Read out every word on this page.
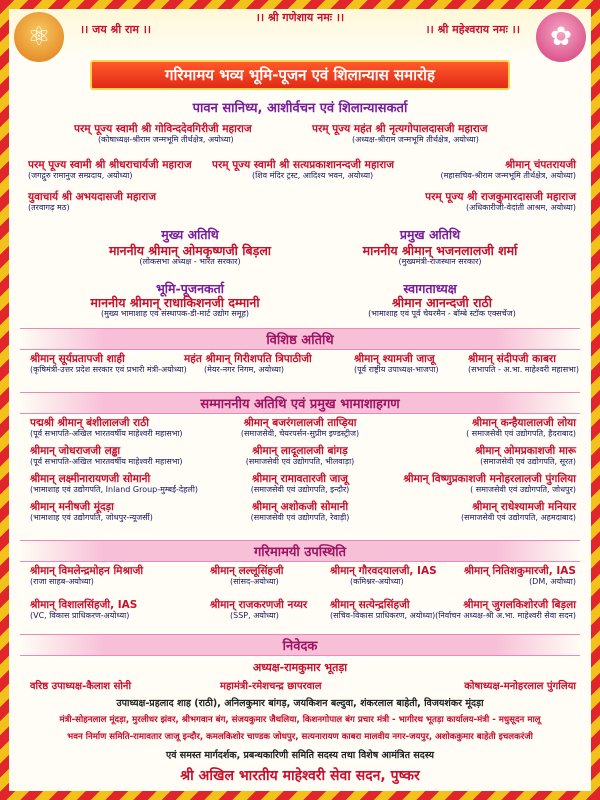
⚛	✿
।। जय श्री राम ।।
।। श्री गणेशाय नमः ।।
।। श्री महेश्वराय नमः ।।
गरिमामय भव्य भूमि-पूजन एवं शिलान्यास समारोह
पावन सानिध्य, आशीर्वचन एवं शिलान्यासकर्ता
परम् पूज्य स्वामी श्री गोविन्ददेवगिरीजी महाराज
(कोषाध्यक्ष-श्रीराम जन्मभूमि तीर्थक्षेत्र, अयोध्या)
परम् पूज्य महंत श्री नृत्यगोपालदासजी महाराज
(अध्यक्ष-श्रीराम जन्मभूमि तीर्थक्षेत्र, अयोध्या)
परम् पूज्य स्वामी श्री श्रीधराचार्यजी महाराज
(जगद्गुरु रामानुज सम्प्रदाय, अयोध्या)
परम् पूज्य स्वामी श्री सत्यप्रकाशानन्दजी महाराज
(शिव मंदिर ट्रस्ट, आदिश्य भवन, अयोध्या)
श्रीमान् चंपतरायजी
(महासचिव-श्रीराम जन्मभूमि तीर्थक्षेत्र, अयोध्या)
युवाचार्य श्री अभयदासजी महाराज
(तरवागढ़ मठ)
परम् पूज्य श्री राजकुमारदासजी महाराज
(अधिकारीजी-वेदांती आश्रम, अयोध्या)
मुख्य अतिथि	प्रमुख अतिथि
माननीय श्रीमान् ओमकृष्णजी बिड़ला
(लोकसभा अध्यक्ष - भारत सरकार)
माननीय श्रीमान् भजनलालजी शर्मा
(मुख्यमंत्री-राजस्थान सरकार)
भूमि-पूजनकर्ता	स्वागताध्यक्ष
माननीय श्रीमान् राधाकिशनजी दम्मानी
(मुख्य भामाशाह एवं संस्थापक-डी-मार्ट उद्योग समूह)
श्रीमान आनन्दजी राठी
(भामाशाह एवं पूर्व चेयरमैन - बॉम्बे स्टॉक एक्सचेंज)
विशिष्ठ अतिथि
श्रीमान् सूर्यप्रतापजी शाही
(कृषिमंत्री-उत्तर प्रदेश सरकार एवं प्रभारी मंत्री-अयोध्या)
महंत श्रीमान् गिरीशपति त्रिपाठीजी
(मेयर-नगर निगम, अयोध्या)
श्रीमान् श्यामजी जाजू
(पूर्व राष्ट्रीय उपाध्यक्ष-भाजपा)
श्रीमान् संदीपजी काबरा
(सभापति - अ.भा. माहेश्वरी महासभा)
सम्माननीय अतिथि एवं प्रमुख भामाशाहगण
पद्मश्री श्रीमान् बंशीलालजी राठी
(पूर्व सभापति-अखिल भारतवर्षीय माहेश्वरी महासभा)
श्रीमान् जोधराजजी लड्ढा
(पूर्व सभापति-अखिल भारतवर्षीय माहेश्वरी महासभा)
श्रीमान् लक्ष्मीनारायणजी सोमानी
(भामाशाह एवं उद्योगपति, Inland Group-मुम्बई-देहली)
श्रीमान् मनीषजी मूंदड़ा
(भामाशाह एवं उद्योगपति, जोधपुर-न्यूजर्सी)
श्रीमान् बजरंगलालजी ताप्ड़िया
(समाजसेवी, चेयरपर्सन-सुप्रीम इण्डस्ट्रीज)
श्रीमान् लादूलालजी बांगड़
(समाजसेवी एवं उद्योगपति, भीलवाड़ा)
श्रीमान् रामावतारजी जाजू
(समाजसेवी एवं उद्योगपति, इन्दौर)
श्रीमान् अशोकजी सोमानी
(समाजसेवी एवं उद्योगपति, रेवाड़ी)
श्रीमान् कन्हैयालालजी लोया
( समाजसेवी एवं उद्योगपति, हैदराबाद)
श्रीमान् ओमप्रकाशजी मारू
(समाजसेवी एवं उद्योगपति, सूरत)
श्रीमान् विष्णुप्रकाशजी मनोहरलालजी पुंगलिया
( समाजसेवी एवं उद्योगपति, जोधपुर)
श्रीमान् राधेश्यामजी मनियार
(समाजसेवी एवं उद्योगपति, अहमदाबाद)
गरिमामयी उपस्थिति
श्रीमान् विमलेन्द्रमोहन मिश्राजी
(राजा साहब-अयोध्या)
श्रीमान् लल्लूसिंहजी
(सांसद-अयोध्या)
श्रीमान् गौरवदयालजी, IAS
(कमिश्नर-अयोध्या)
श्रीमान् नितिशकुमारजी, IAS
(DM, अयोध्या)
श्रीमान् विशालसिंहजी, IAS
(VC, विकास प्राधिकरण-अयोध्या)
श्रीमान् राजकरणजी नय्यर
(SSP, अयोध्या)
श्रीमान् सत्येन्द्रसिंहजी
(सचिव-विकास प्राधिकरण, अयोध्या)
श्रीमान् जुगलकिशोरजी बिड़ला
(निर्वाचन अध्यक्ष-श्री अ.भा. माहेश्वरी सेवा सदन)
निवेदक
अध्यक्ष-रामकुमार भूतड़ा
वरिष्ठ उपाध्यक्ष-कैलाश सोनी	महामंत्री-रमेशचन्द्र छापरवाल	कोषाध्यक्ष-मनोहरलाल पुंगलिया
उपाध्यक्ष-प्रहलाद शाह (राठी), अनिलकुमार बांगड़, जयकिशन बल्दुवा, शंकरलाल बाहेती, विजयशंकर मूंदड़ा
मंत्री-सोहनलाल मूंदड़ा, मुरलीधर झंवर, श्रीभगवान बंग, संजयकुमार जैथलिया, किशनगोपाल बंग प्रचार मंत्री - भागीरथ भूतड़ा कार्यालय-मंत्री - मधुसूदन मालू
भवन निर्माण समिति-रामावतार जाजू इन्दौर, कमलकिशोर चाण्डक जोधपुर, सत्यनारायण काबरा मालवीय नगर-जयपुर, अशोककुमार बाहेती इचलकरंजी
एवं समस्त मार्गदर्शक, प्रबन्धकारिणी समिति सदस्य तथा विशेष आमंत्रित सदस्य
श्री अखिल भारतीय माहेश्वरी सेवा सदन, पुष्कर
